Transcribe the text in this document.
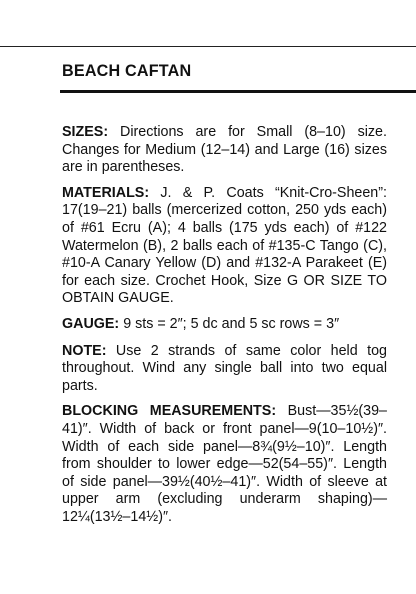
BEACH CAFTAN

SIZES: Directions are for Small (8–10) size. Changes for Medium (12–14) and Large (16) sizes are in parentheses.

MATERIALS: J. & P. Coats “Knit-Cro-Sheen”: 17(19–21) balls (mercerized cotton, 250 yds each) of #61 Ecru (A); 4 balls (175 yds each) of #122 Watermelon (B), 2 balls each of #135-C Tango (C), #10-A Canary Yellow (D) and #132-A Parakeet (E) for each size. Crochet Hook, Size G OR SIZE TO OBTAIN GAUGE.

GAUGE: 9 sts = 2″; 5 dc and 5 sc rows = 3″

NOTE: Use 2 strands of same color held tog throughout. Wind any single ball into two equal parts.

BLOCKING MEASUREMENTS: Bust—35½(39–41)″. Width of back or front panel—9(10–10½)″. Width of each side panel—8¾(9½–10)″. Length from shoulder to lower edge—52(54–55)″. Length of side panel—39½(40½–41)″. Width of sleeve at upper arm (excluding underarm shaping)—12¼(13½–14½)″.
